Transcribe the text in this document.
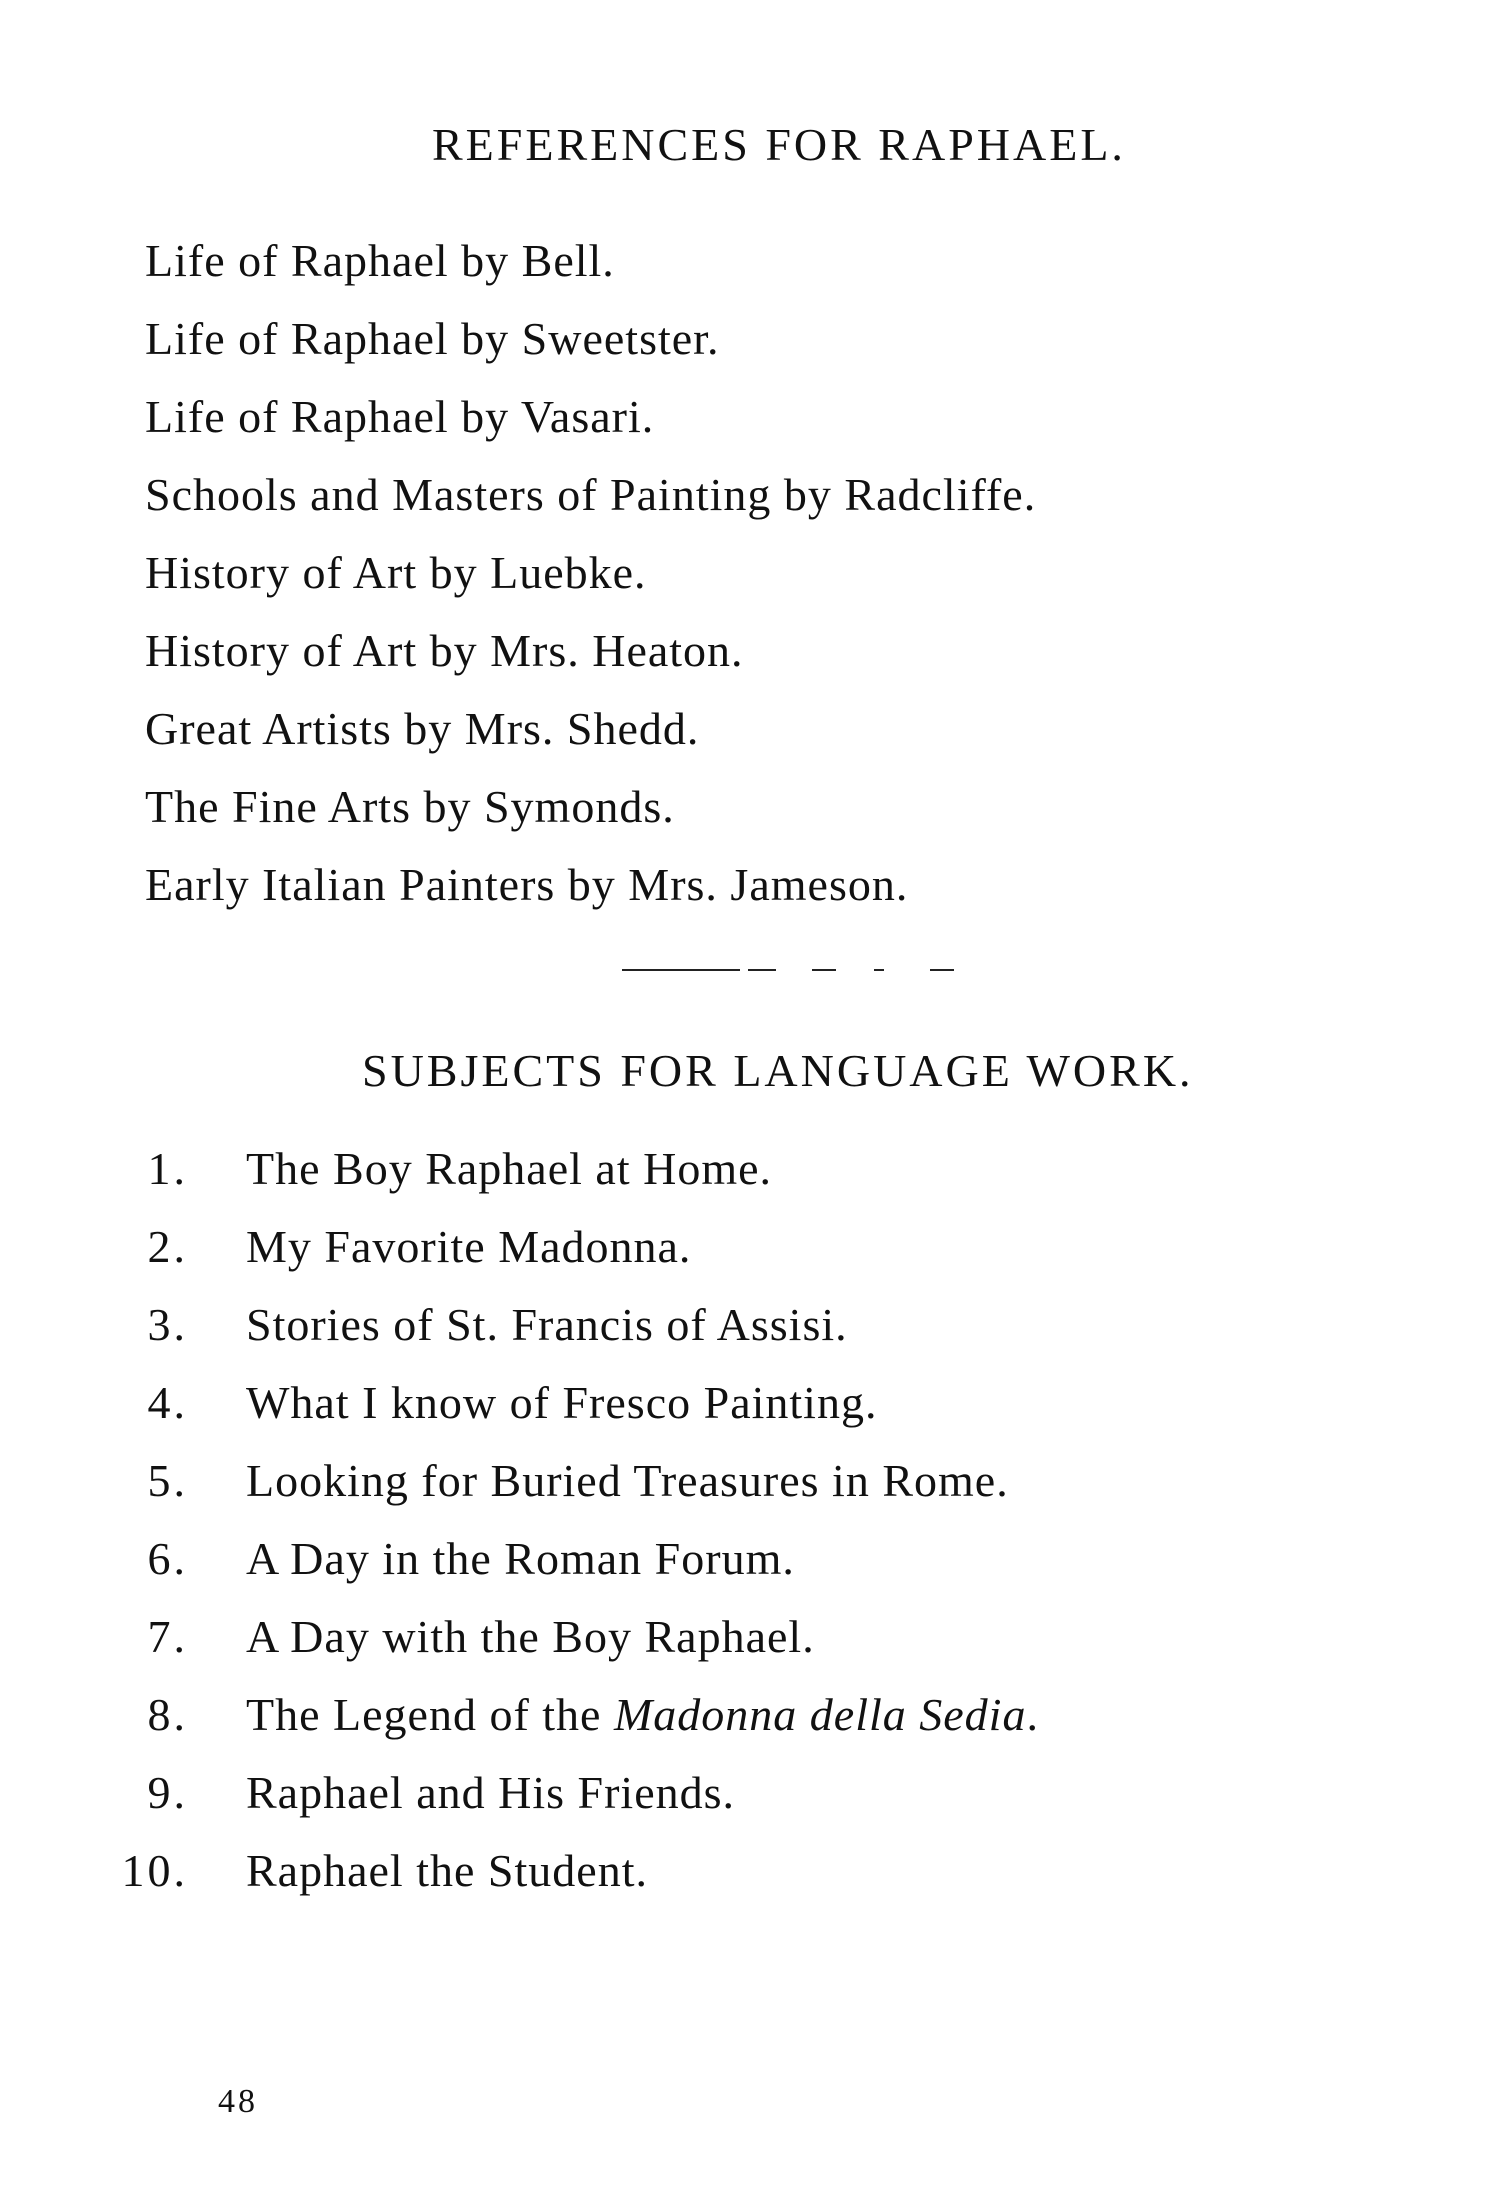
REFERENCES FOR RAPHAEL.
Life of Raphael by Bell.
Life of Raphael by Sweetster.
Life of Raphael by Vasari.
Schools and Masters of Painting by Radcliffe.
History of Art by Luebke.
History of Art by Mrs. Heaton.
Great Artists by Mrs. Shedd.
The Fine Arts by Symonds.
Early Italian Painters by Mrs. Jameson.
SUBJECTS FOR LANGUAGE WORK.
1. The Boy Raphael at Home.
2. My Favorite Madonna.
3. Stories of St. Francis of Assisi.
4. What I know of Fresco Painting.
5. Looking for Buried Treasures in Rome.
6. A Day in the Roman Forum.
7. A Day with the Boy Raphael.
8. The Legend of the Madonna della Sedia.
9. Raphael and His Friends.
10. Raphael the Student.
48
